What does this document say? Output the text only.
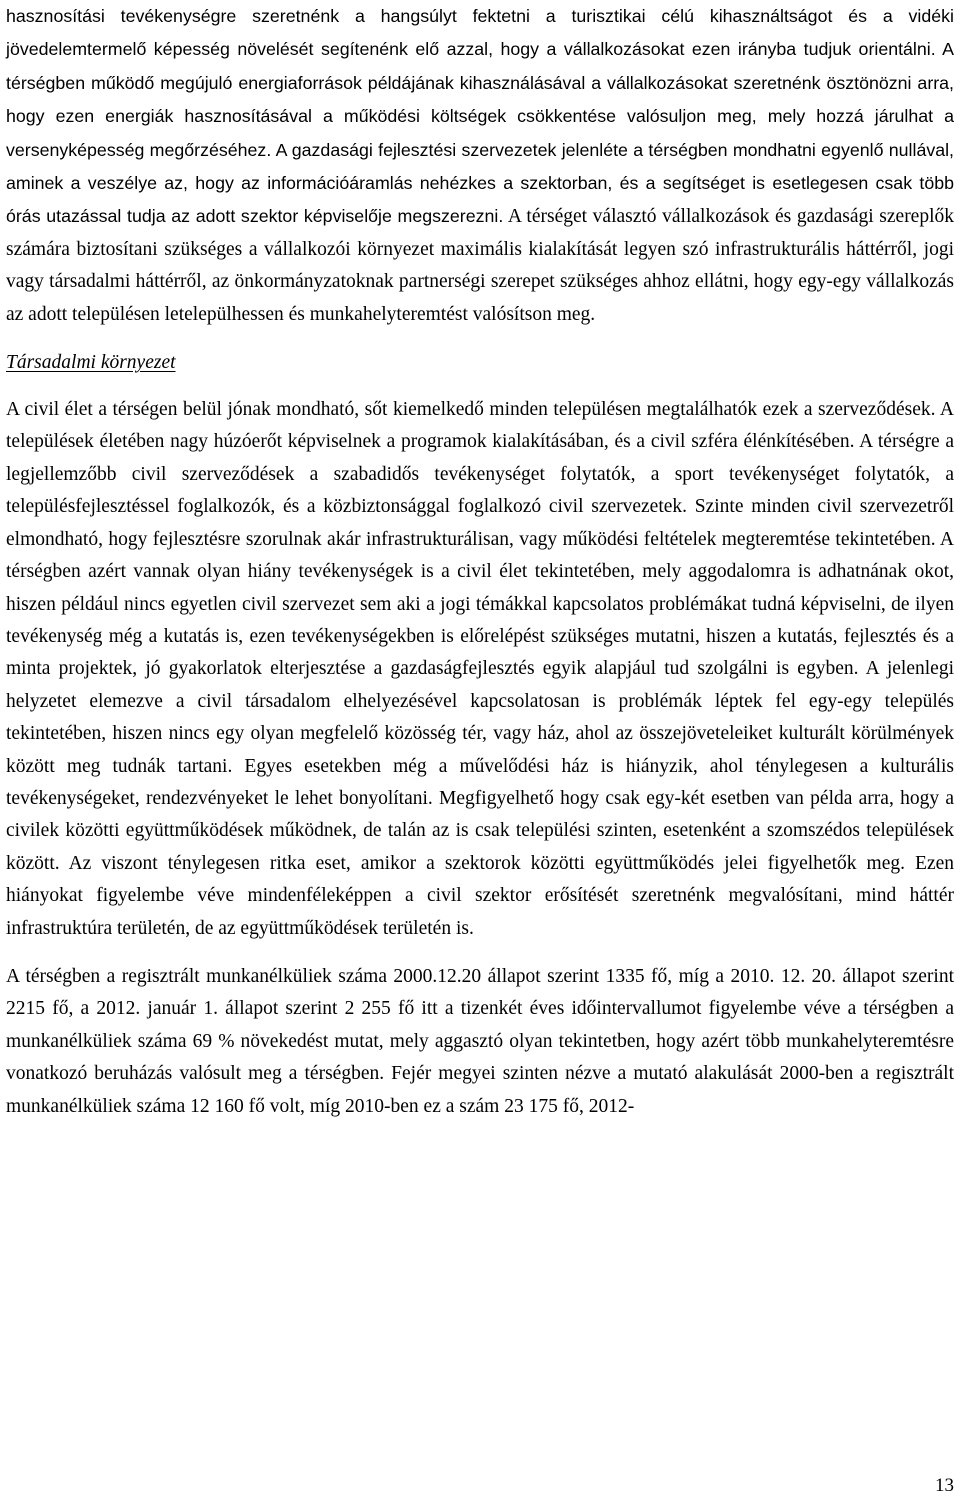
hasznosítási tevékenységre szeretnénk a hangsúlyt fektetni a turisztikai célú kihasználtságot és a vidéki jövedelemtermelő képesség növelését segítenénk elő azzal, hogy a vállalkozásokat ezen irányba tudjuk orientálni. A térségben működő megújuló energiaforrások példájának kihasználásával a vállalkozásokat szeretnénk ösztönözni arra, hogy ezen energiák hasznosításával a működési költségek csökkentése valósuljon meg, mely hozzá járulhat a versenyképesség megőrzéséhez. A gazdasági fejlesztési szervezetek jelenléte a térségben mondhatni egyenlő nullával, aminek a veszélye az, hogy az információáramlás nehézkes a szektorban, és a segítséget is esetlegesen csak több órás utazással tudja az adott szektor képviselője megszerezni. A térséget választó vállalkozások és gazdasági szereplők számára biztosítani szükséges a vállalkozói környezet maximális kialakítását legyen szó infrastrukturális háttérről, jogi vagy társadalmi háttérről, az önkormányzatoknak partnerségi szerepet szükséges ahhoz ellátni, hogy egy-egy vállalkozás az adott településen letelepülhessen és munkahelyteremtést valósítson meg.

Társadalmi környezet

A civil élet a térségen belül jónak mondható, sőt kiemelkedő minden településen megtalálhatók ezek a szerveződések. A települések életében nagy húzóerőt képviselnek a programok kialakításában, és a civil szféra élénkítésében. A térségre a legjellemzőbb civil szerveződések a szabadidős tevékenységet folytatók, a sport tevékenységet folytatók, a településfejlesztéssel foglalkozók, és a közbiztonsággal foglalkozó civil szervezetek. Szinte minden civil szervezetről elmondható, hogy fejlesztésre szorulnak akár infrastrukturálisan, vagy működési feltételek megteremtése tekintetében. A térségben azért vannak olyan hiány tevékenységek is a civil élet tekintetében, mely aggodalomra is adhatnának okot, hiszen például nincs egyetlen civil szervezet sem aki a jogi témákkal kapcsolatos problémákat tudná képviselni, de ilyen tevékenység még a kutatás is, ezen tevékenységekben is előrelépést szükséges mutatni, hiszen a kutatás, fejlesztés és a minta projektek, jó gyakorlatok elterjesztése a gazdaságfejlesztés egyik alapjául tud szolgálni is egyben. A jelenlegi helyzetet elemezve a civil társadalom elhelyezésével kapcsolatosan is problémák léptek fel egy-egy település tekintetében, hiszen nincs egy olyan megfelelő közösség tér, vagy ház, ahol az összejöveteleiket kulturált körülmények között meg tudnák tartani. Egyes esetekben még a művelődési ház is hiányzik, ahol ténylegesen a kulturális tevékenységeket, rendezvényeket le lehet bonyolítani. Megfigyelhető hogy csak egy-két esetben van példa arra, hogy a civilek közötti együttműködések működnek, de talán az is csak települési szinten, esetenként a szomszédos települések között. Az viszont ténylegesen ritka eset, amikor a szektorok közötti együttműködés jelei figyelhetők meg. Ezen hiányokat figyelembe véve mindenféleképpen a civil szektor erősítését szeretnénk megvalósítani, mind háttér infrastruktúra területén, de az együttműködések területén is.

A térségben a regisztrált munkanélküliek száma 2000.12.20 állapot szerint 1335 fő, míg a 2010. 12. 20. állapot szerint 2215 fő, a 2012. január 1. állapot szerint 2 255 fő itt a tizenkét éves időintervallumot figyelembe véve a térségben a munkanélküliek száma 69 % növekedést mutat, mely aggasztó olyan tekintetben, hogy azért több munkahelyteremtésre vonatkozó beruházás valósult meg a térségben. Fejér megyei szinten nézve a mutató alakulását 2000-ben a regisztrált munkanélküliek száma 12 160 fő volt, míg 2010-ben ez a szám 23 175 fő, 2012-

13
